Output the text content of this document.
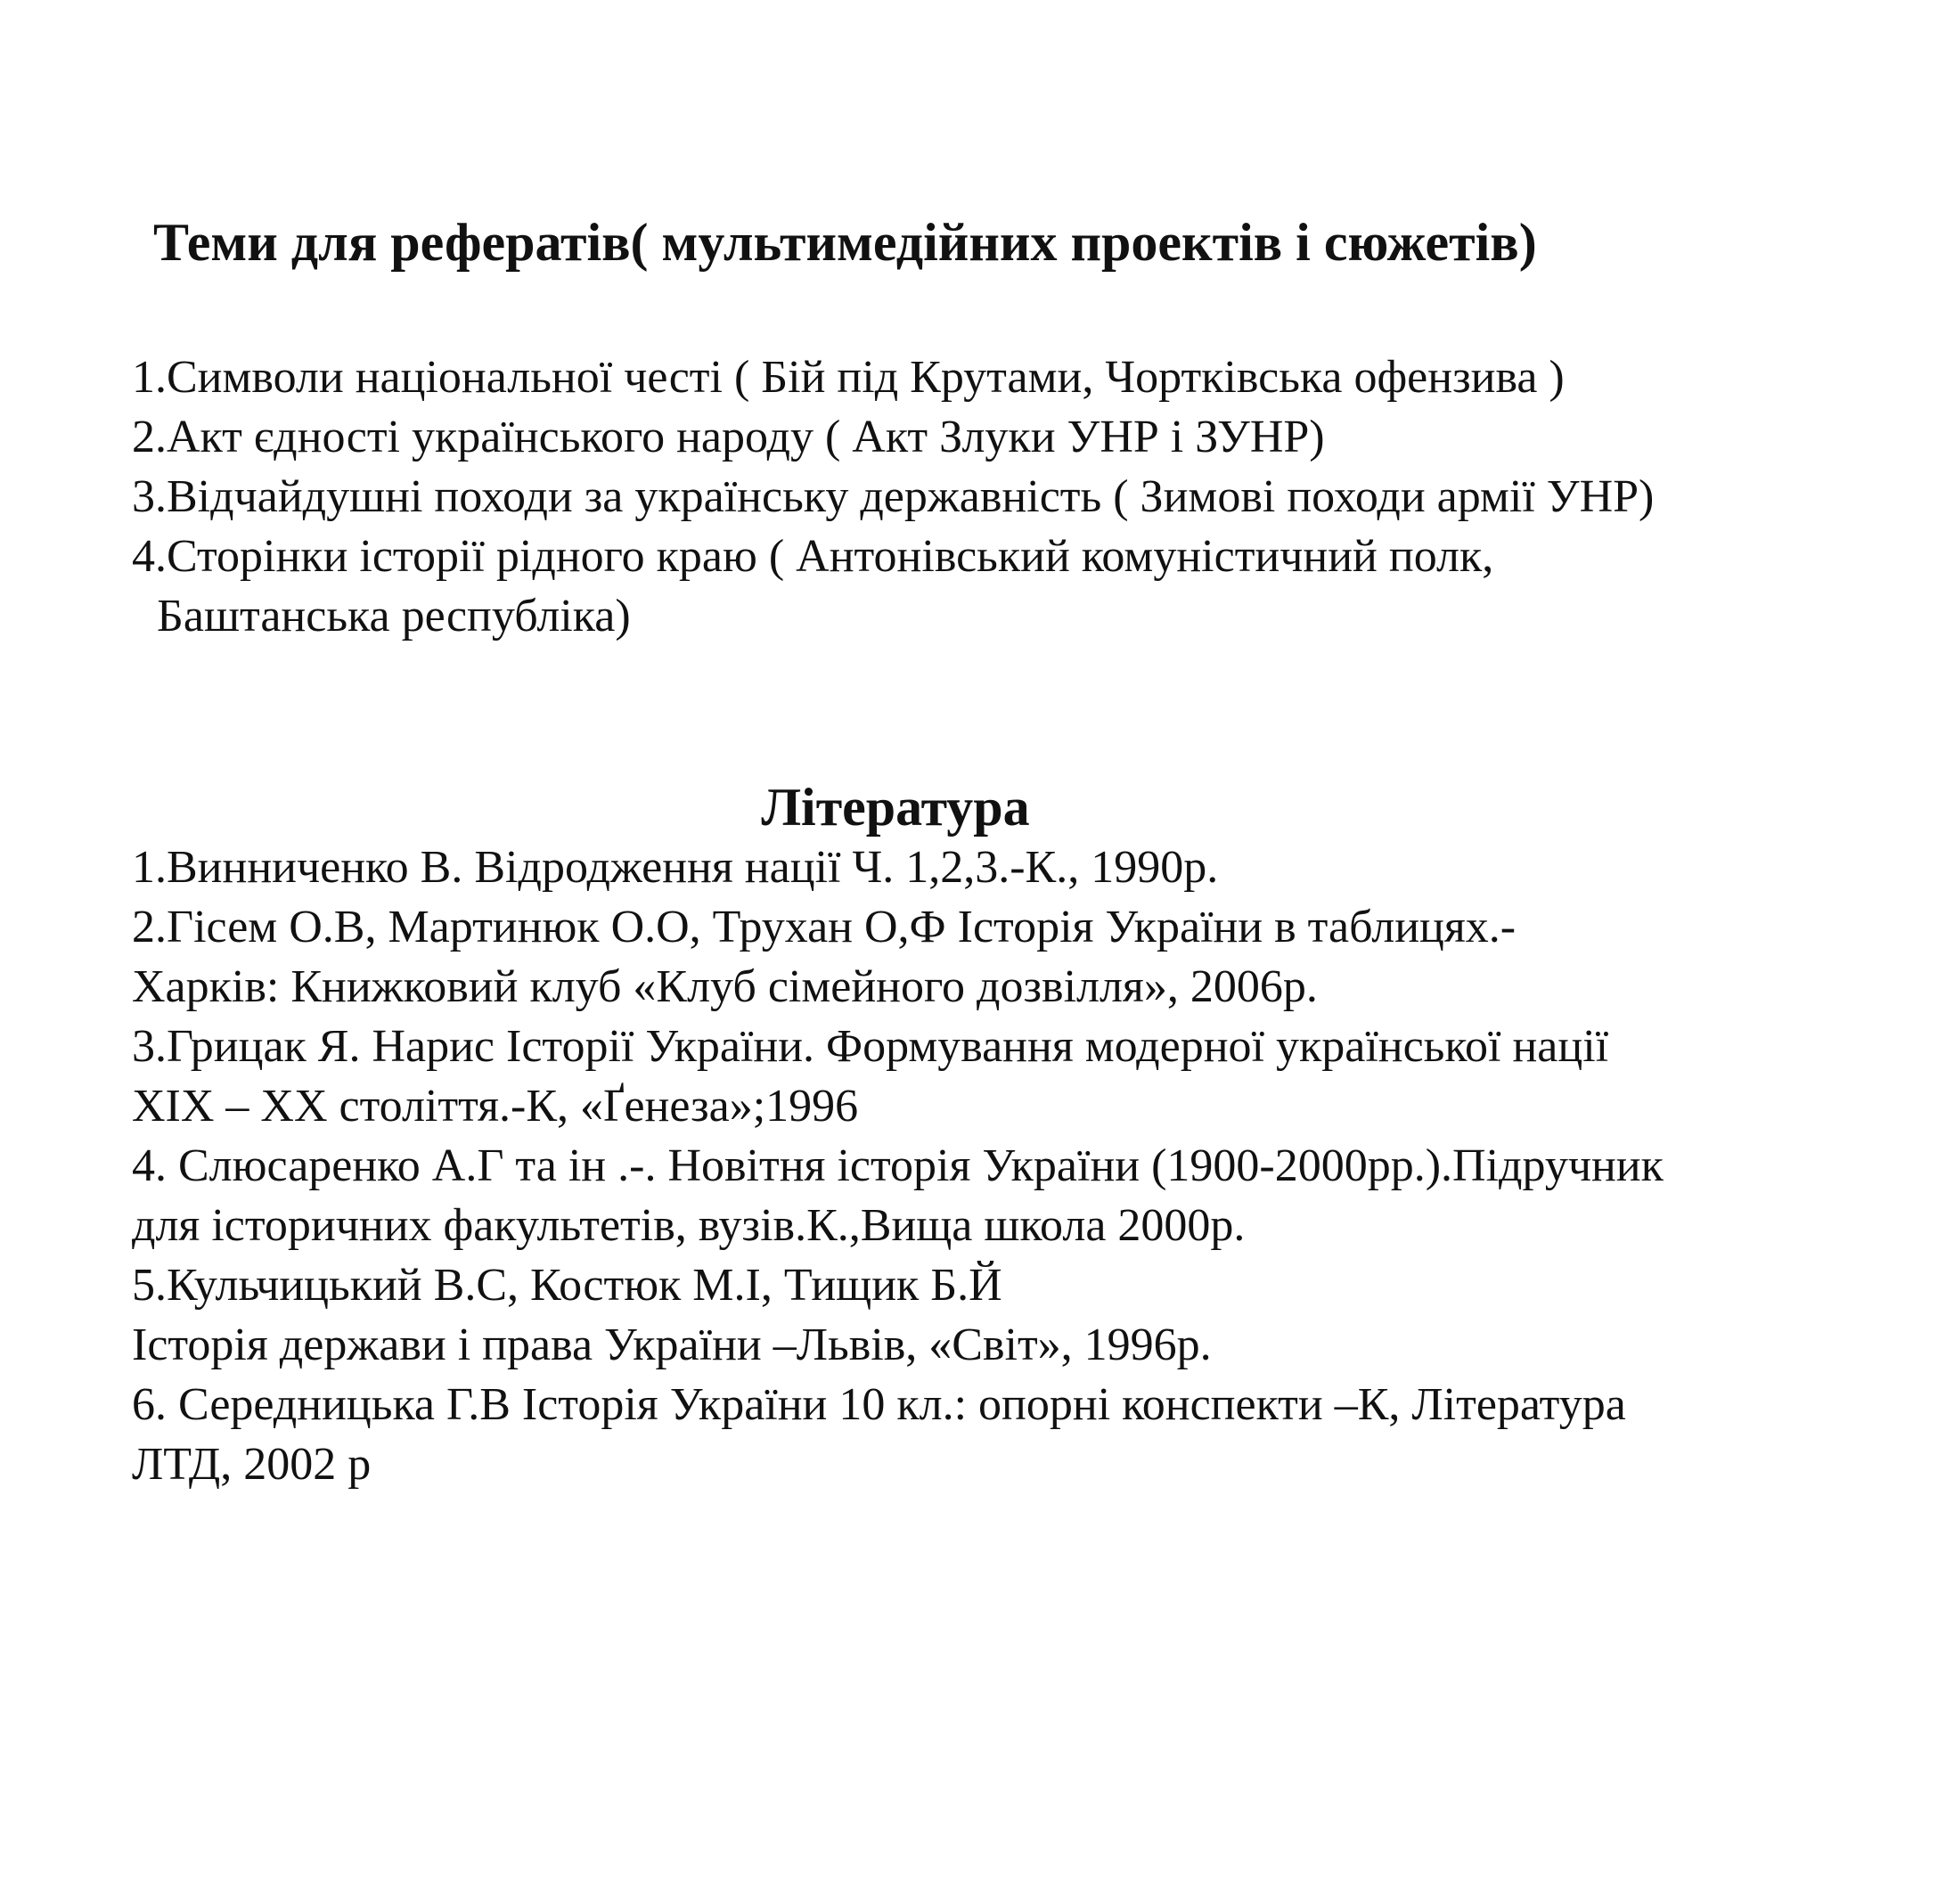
Теми для рефератів( мультимедійних проектів і сюжетів)
1.Символи національної честі ( Бій під Крутами, Чортківська офензива )
2.Акт єдності українського народу ( Акт Злуки УНР і ЗУНР)
3.Відчайдушні походи за українську державність ( Зимові походи армії УНР)
4.Сторінки історії рідного краю ( Антонівський комуністичний полк,
Баштанська республіка)
Література
1.Винниченко В. Відродження нації Ч. 1,2,3.-К., 1990р.
2.Гісем О.В, Мартинюк О.О, Трухан О,Ф Історія України в таблицях.-
Харків: Книжковий клуб «Клуб сімейного дозвілля», 2006р.
3.Грицак Я. Нарис Історії України. Формування модерної української нації
ХІХ – ХХ століття.-К, «Ґенеза»;1996
4. Слюсаренко А.Г та ін .-. Новітня історія України (1900-2000рр.).Підручник
для історичних факультетів, вузів.К.,Вища школа 2000р.
5.Кульчицький В.С, Костюк М.І, Тищик Б.Й
Історія держави і права України –Львів, «Світ», 1996р.
6. Середницька Г.В Історія України 10 кл.: опорні конспекти –К, Література
ЛТД, 2002 р
